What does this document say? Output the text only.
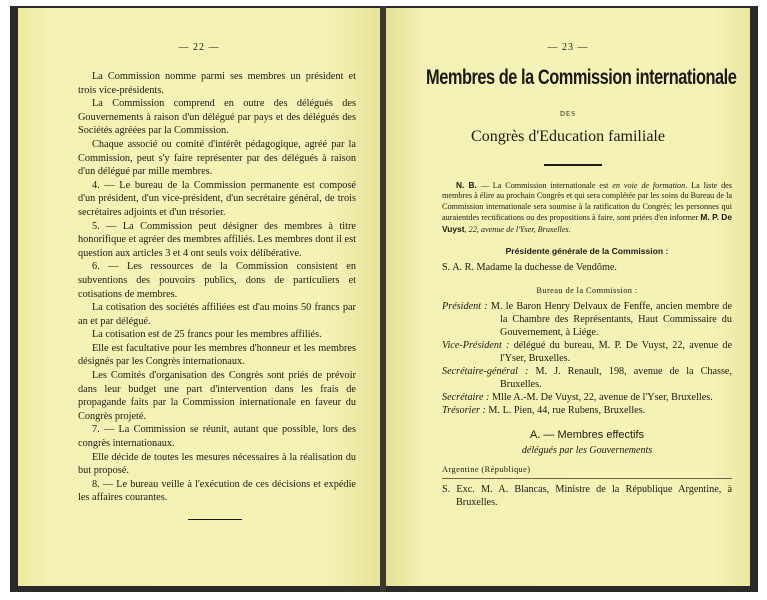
— 22 —

La Commission nomme parmi ses membres un président et trois vice-présidents.

La Commission comprend en outre des délégués des Gouvernements à raison d'un délégué par pays et des délégués des Sociétés agréées par la Commission.

Chaque associé ou comité d'intérêt pédagogique, agréé par la Commission, peut s'y faire représenter par des délégués à raison d'un délégué par mille membres.

4. — Le bureau de la Commission permanente est composé d'un président, d'un vice-président, d'un secrétaire général, de trois secrétaires adjoints et d'un trésorier.

5. — La Commission peut désigner des membres à titre honorifique et agréer des membres affiliés. Les membres dont il est question aux articles 3 et 4 ont seuls voix délibérative.

6. — Les ressources de la Commission consistent en subventions des pouvoirs publics, dons de particuliers et cotisations de membres.

La cotisation des sociétés affiliées est d'au moins 50 francs par an et par délégué.

La cotisation est de 25 francs pour les membres affiliés.

Elle est facultative pour les membres d'honneur et les membres désignés par les Congrès internationaux.

Les Comités d'organisation des Congrès sont priés de prévoir dans leur budget une part d'intervention dans les frais de propagande faits par la Commission internationale en faveur du Congrès projeté.

7. — La Commission se réunit, autant que possible, lors des congrès internationaux.

Elle décide de toutes les mesures nécessaires à la réalisation du but proposé.

8. — Le bureau veille à l'exécution de ces décisions et expédie les affaires courantes.

— 23 —
Membres de la Commission internationale
DES
Congrès d'Education familiale

N. B. — La Commission internationale est en voie de formation. La liste des membres à élire au prochain Congrès et qui sera complétée par les soins du Bureau de la Commission internationale sera soumise à la ratification du Congrès; les personnes qui auraientdes rectifications ou des propositions à faire, sont priées d'en informer M. P. De Vuyst, 22, avenue de l'Yser, Bruxelles.

Présidente générale de la Commission :

S. A. R. Madame la duchesse de Vendôme.

Bureau de la Commission :

Président : M. le Baron Henry Delvaux de Fenffe, ancien membre de la Chambre des Représentants, Haut Commissaire du Gouvernement, à Liége.

Vice-Président : délégué du bureau, M. P. De Vuyst, 22, avenue de l'Yser, Bruxelles.

Secrétaire-général : M. J. Renault, 198, avenue de la Chasse, Bruxelles.

Secrétaire : Mlle A.-M. De Vuyst, 22, avenue de l'Yser, Bruxelles.

Trésorier : M. L. Pien, 44, rue Rubens, Bruxelles.

A. — Membres effectifs
délégués par les Gouvernements
Argentine (République)

S. Exc. M. A. Blancas, Ministre de la République Argentine, à Bruxelles.
